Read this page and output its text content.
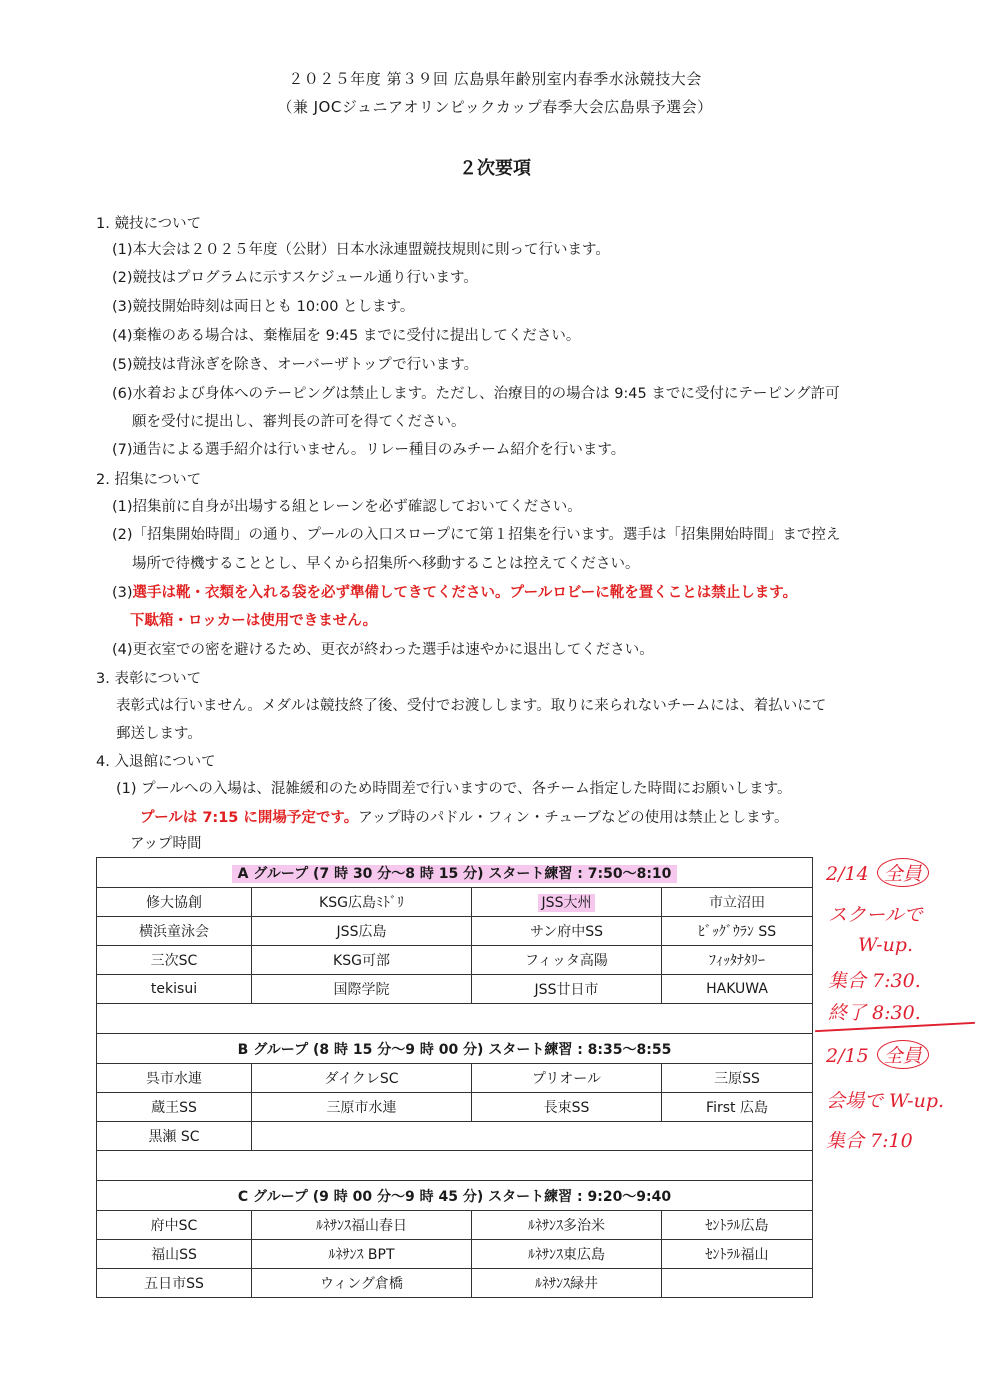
２０２５年度 第３９回 広島県年齢別室内春季水泳競技大会
（兼 JOCジュニアオリンピックカップ春季大会広島県予選会）
２次要項
1. 競技について
(1)本大会は２０２５年度（公財）日本水泳連盟競技規則に則って行います。
(2)競技はプログラムに示すスケジュール通り行います。
(3)競技開始時刻は両日とも 10:00 とします。
(4)棄権のある場合は、棄権届を 9:45 までに受付に提出してください。
(5)競技は背泳ぎを除き、オーバーザトップで行います。
(6)水着および身体へのテーピングは禁止します。ただし、治療目的の場合は 9:45 までに受付にテーピング許可
願を受付に提出し、審判長の許可を得てください。
(7)通告による選手紹介は行いません。リレー種目のみチーム紹介を行います。
2. 招集について
(1)招集前に自身が出場する組とレーンを必ず確認しておいてください。
(2)「招集開始時間」の通り、プールの入口スロープにて第１招集を行います。選手は「招集開始時間」まで控え
場所で待機することとし、早くから招集所へ移動することは控えてください。
(3)選手は靴・衣類を入れる袋を必ず準備してきてください。プールロビーに靴を置くことは禁止します。
下駄箱・ロッカーは使用できません。
(4)更衣室での密を避けるため、更衣が終わった選手は速やかに退出してください。
3. 表彰について
表彰式は行いません。メダルは競技終了後、受付でお渡しします。取りに来られないチームには、着払いにて
郵送します。
4. 入退館について
(1) プールへの入場は、混雑緩和のため時間差で行いますので、各チーム指定した時間にお願いします。
プールは 7:15 に開場予定です。アップ時のパドル・フィン・チューブなどの使用は禁止とします。
アップ時間
A グループ (7 時 30 分〜8 時 15 分) スタート練習 : 7:50〜8:10			
修大協創	KSG広島ﾐﾄﾞﾘ	JSS大州	市立沼田
横浜童泳会	JSS広島	サン府中SS	ﾋﾞｯｸﾞｳﾗﾝ SS
三次SC	KSG可部	フィッタ高陽	ﾌｨｯﾀﾅﾀﾘｰ
tekisui	国際学院	JSS廿日市	HAKUWA

B グループ (8 時 15 分〜9 時 00 分) スタート練習 : 8:35〜8:55			
呉市水連	ダイクレSC	プリオール	三原SS
蔵王SS	三原市水連	長束SS	First 広島
黒瀬 SC			

C グループ (9 時 00 分〜9 時 45 分) スタート練習 : 9:20〜9:40			
府中SC	ﾙﾈｻﾝｽ福山春日	ﾙﾈｻﾝｽ多治米	ｾﾝﾄﾗﾙ広島
福山SS	ﾙﾈｻﾝｽ BPT	ﾙﾈｻﾝｽ東広島	ｾﾝﾄﾗﾙ福山
五日市SS	ウィング倉橋	ﾙﾈｻﾝｽ緑井	
2/14 全員
スクールで
W-up.
集合 7:30.
終了 8:30.
2/15 全員
会場で W-up.
集合 7:10
